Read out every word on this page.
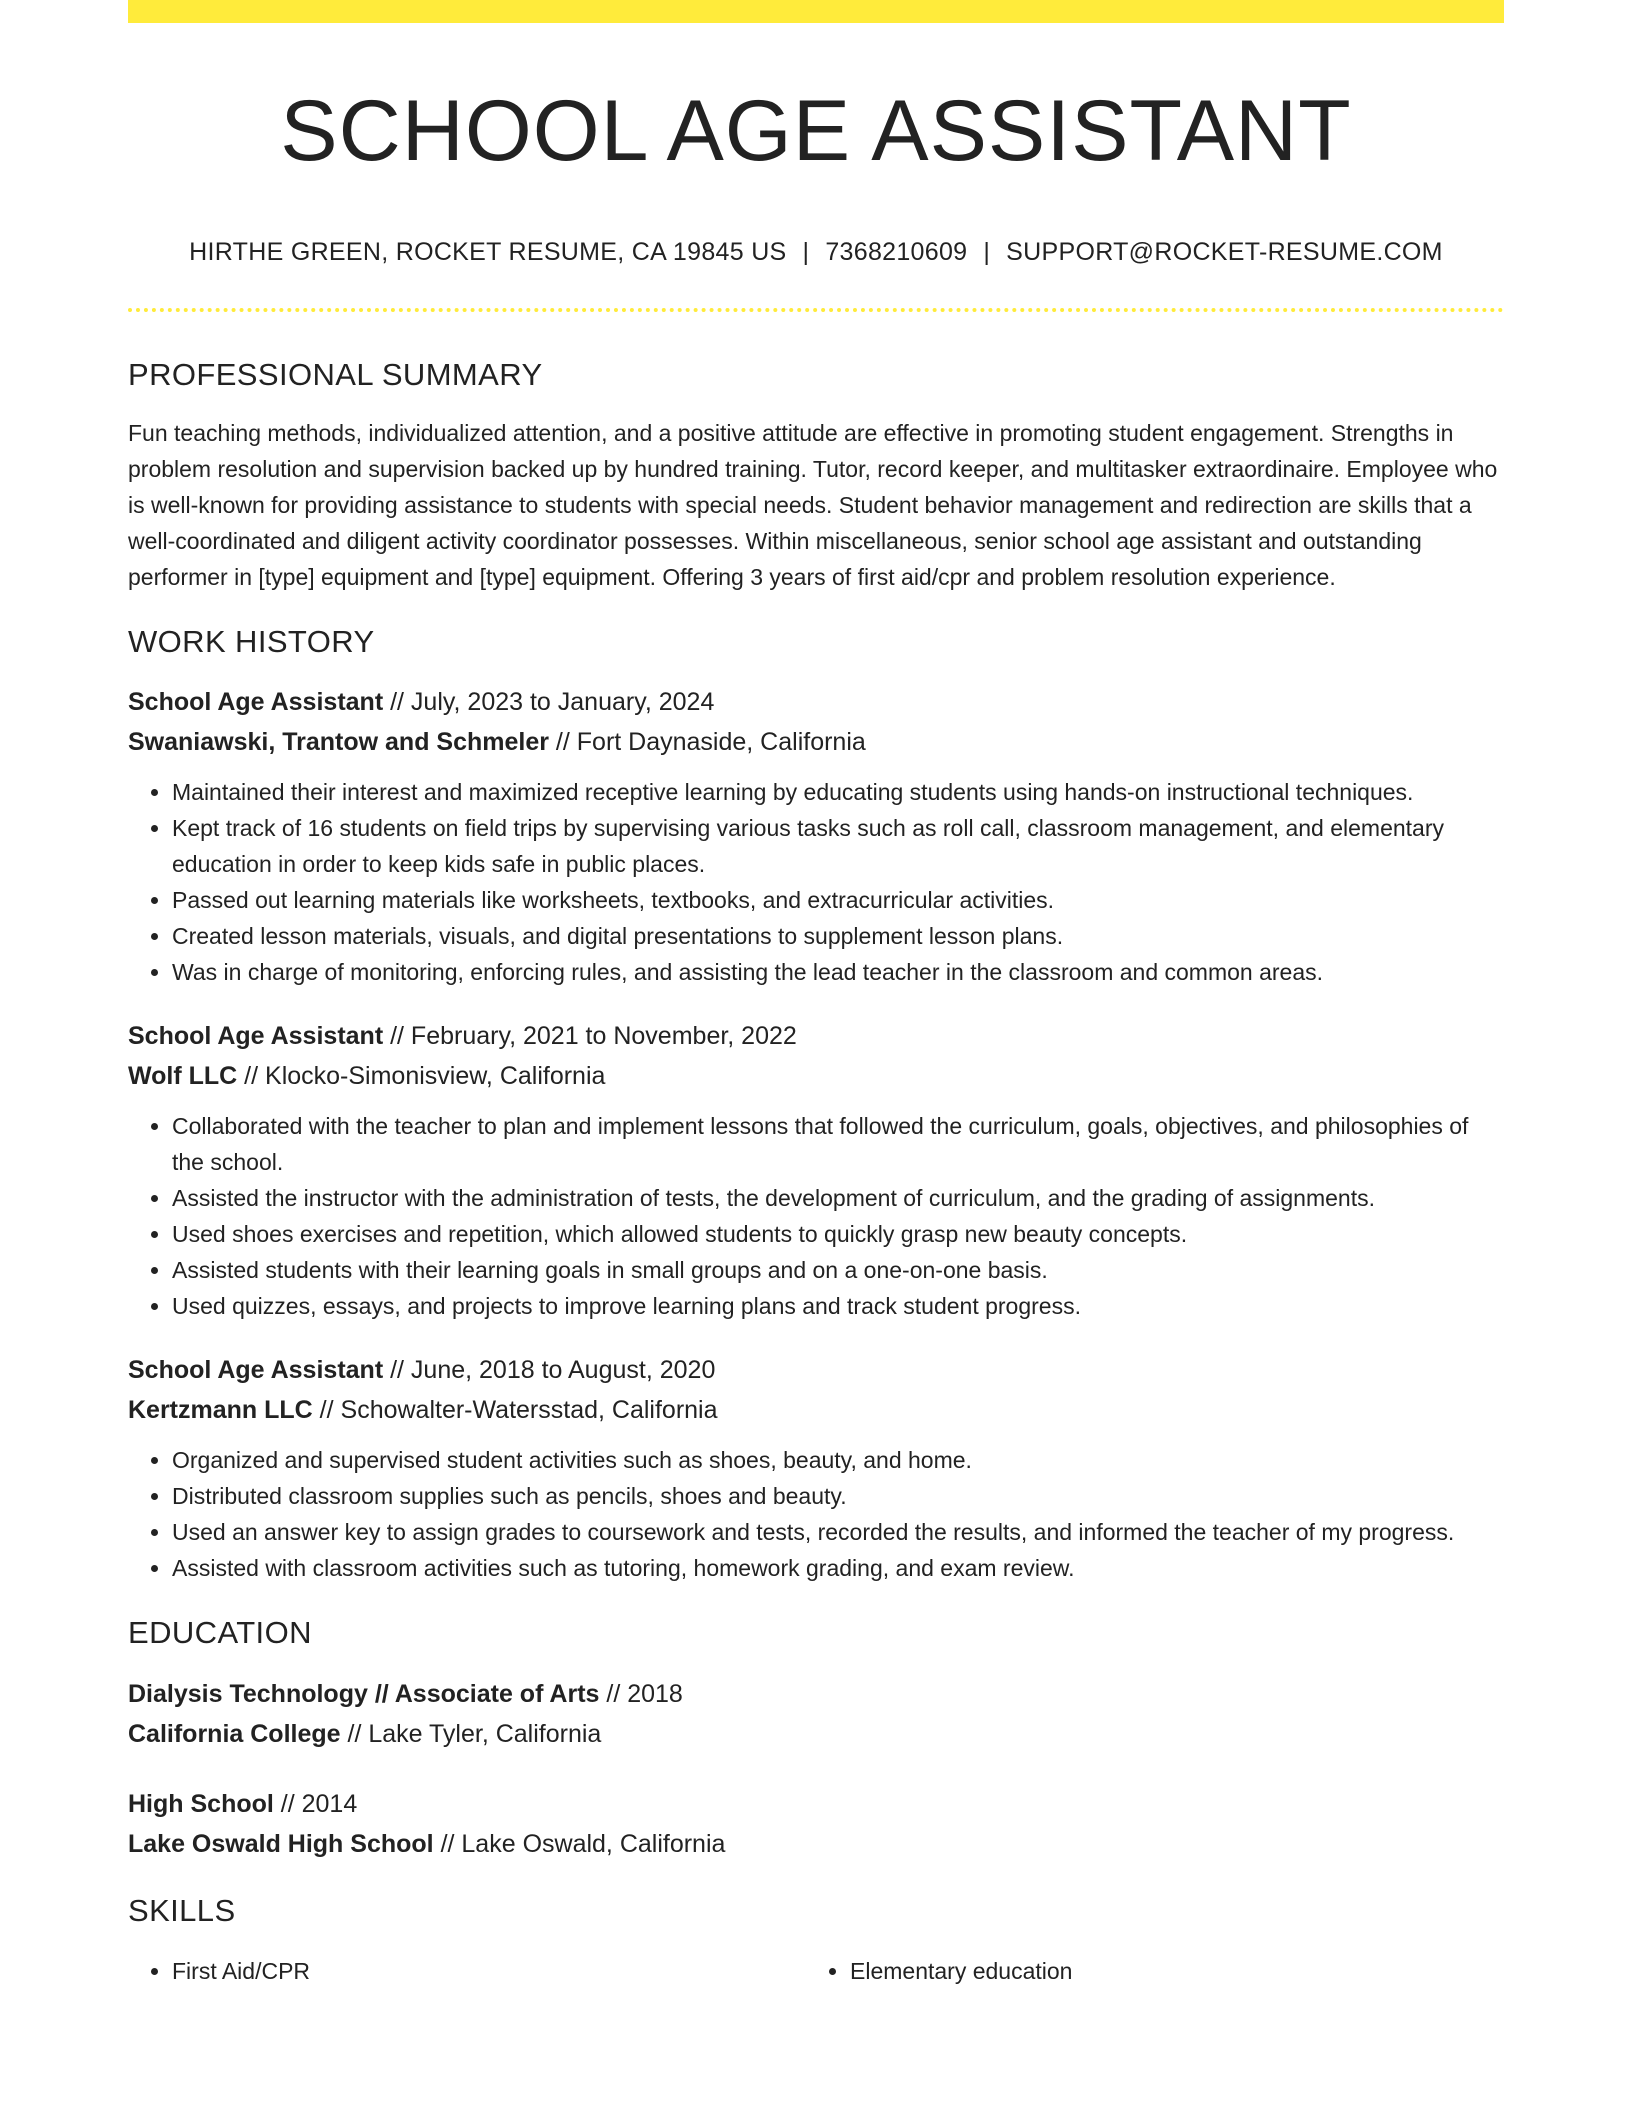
SCHOOL AGE ASSISTANT
HIRTHE GREEN, ROCKET RESUME, CA 19845 US | 7368210609 | SUPPORT@ROCKET-RESUME.COM
PROFESSIONAL SUMMARY
Fun teaching methods, individualized attention, and a positive attitude are effective in promoting student engagement. Strengths in problem resolution and supervision backed up by hundred training. Tutor, record keeper, and multitasker extraordinaire. Employee who is well-known for providing assistance to students with special needs. Student behavior management and redirection are skills that a well-coordinated and diligent activity coordinator possesses. Within miscellaneous, senior school age assistant and outstanding performer in [type] equipment and [type] equipment. Offering 3 years of first aid/cpr and problem resolution experience.
WORK HISTORY
School Age Assistant // July, 2023 to January, 2024
Swaniawski, Trantow and Schmeler // Fort Daynaside, California
• Maintained their interest and maximized receptive learning by educating students using hands-on instructional techniques.
• Kept track of 16 students on field trips by supervising various tasks such as roll call, classroom management, and elementary education in order to keep kids safe in public places.
• Passed out learning materials like worksheets, textbooks, and extracurricular activities.
• Created lesson materials, visuals, and digital presentations to supplement lesson plans.
• Was in charge of monitoring, enforcing rules, and assisting the lead teacher in the classroom and common areas.
School Age Assistant // February, 2021 to November, 2022
Wolf LLC // Klocko-Simonisview, California
• Collaborated with the teacher to plan and implement lessons that followed the curriculum, goals, objectives, and philosophies of the school.
• Assisted the instructor with the administration of tests, the development of curriculum, and the grading of assignments.
• Used shoes exercises and repetition, which allowed students to quickly grasp new beauty concepts.
• Assisted students with their learning goals in small groups and on a one-on-one basis.
• Used quizzes, essays, and projects to improve learning plans and track student progress.
School Age Assistant // June, 2018 to August, 2020
Kertzmann LLC // Schowalter-Watersstad, California
• Organized and supervised student activities such as shoes, beauty, and home.
• Distributed classroom supplies such as pencils, shoes and beauty.
• Used an answer key to assign grades to coursework and tests, recorded the results, and informed the teacher of my progress.
• Assisted with classroom activities such as tutoring, homework grading, and exam review.
EDUCATION
Dialysis Technology // Associate of Arts // 2018
California College // Lake Tyler, California
High School // 2014
Lake Oswald High School // Lake Oswald, California
SKILLS
• First Aid/CPR
•	Elementary education
